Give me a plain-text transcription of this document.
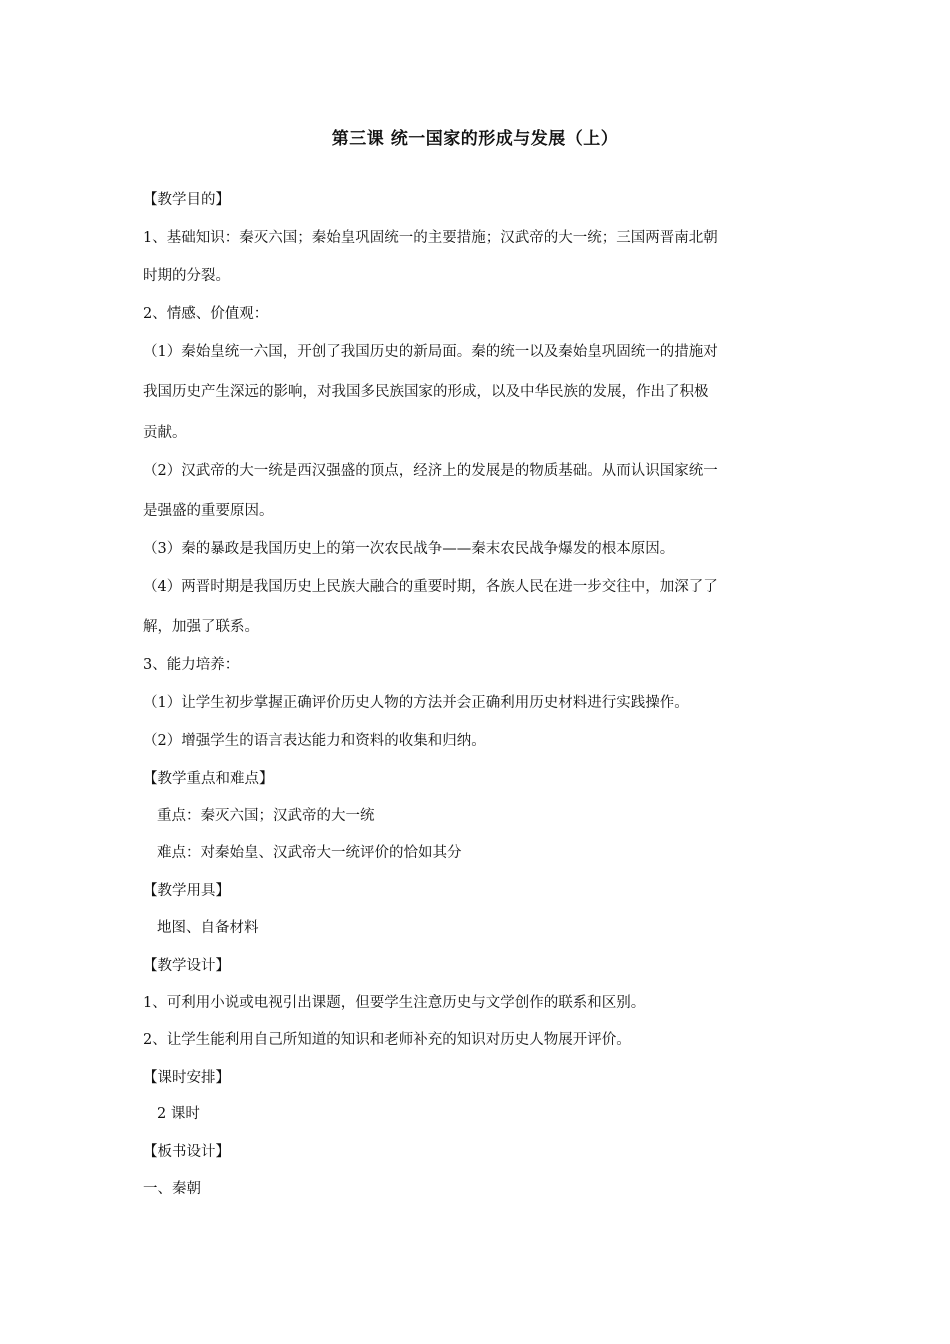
第三课 统一国家的形成与发展（上）
【教学目的】
1、基础知识：秦灭六国；秦始皇巩固统一的主要措施；汉武帝的大一统；三国两晋南北朝
时期的分裂。
2、情感、价值观：
（1）秦始皇统一六国，开创了我国历史的新局面。秦的统一以及秦始皇巩固统一的措施对
我国历史产生深远的影响，对我国多民族国家的形成，以及中华民族的发展，作出了积极
贡献。
（2）汉武帝的大一统是西汉强盛的顶点，经济上的发展是的物质基础。从而认识国家统一
是强盛的重要原因。
（3）秦的暴政是我国历史上的第一次农民战争——秦末农民战争爆发的根本原因。
（4）两晋时期是我国历史上民族大融合的重要时期，各族人民在进一步交往中，加深了了
解，加强了联系。
3、能力培养：
（1）让学生初步掌握正确评价历史人物的方法并会正确利用历史材料进行实践操作。
（2）增强学生的语言表达能力和资料的收集和归纳。
【教学重点和难点】
重点：秦灭六国；汉武帝的大一统
难点：对秦始皇、汉武帝大一统评价的恰如其分
【教学用具】
地图、自备材料
【教学设计】
1、可利用小说或电视引出课题，但要学生注意历史与文学创作的联系和区别。
2、让学生能利用自己所知道的知识和老师补充的知识对历史人物展开评价。
【课时安排】
2 课时
【板书设计】
一、秦朝
